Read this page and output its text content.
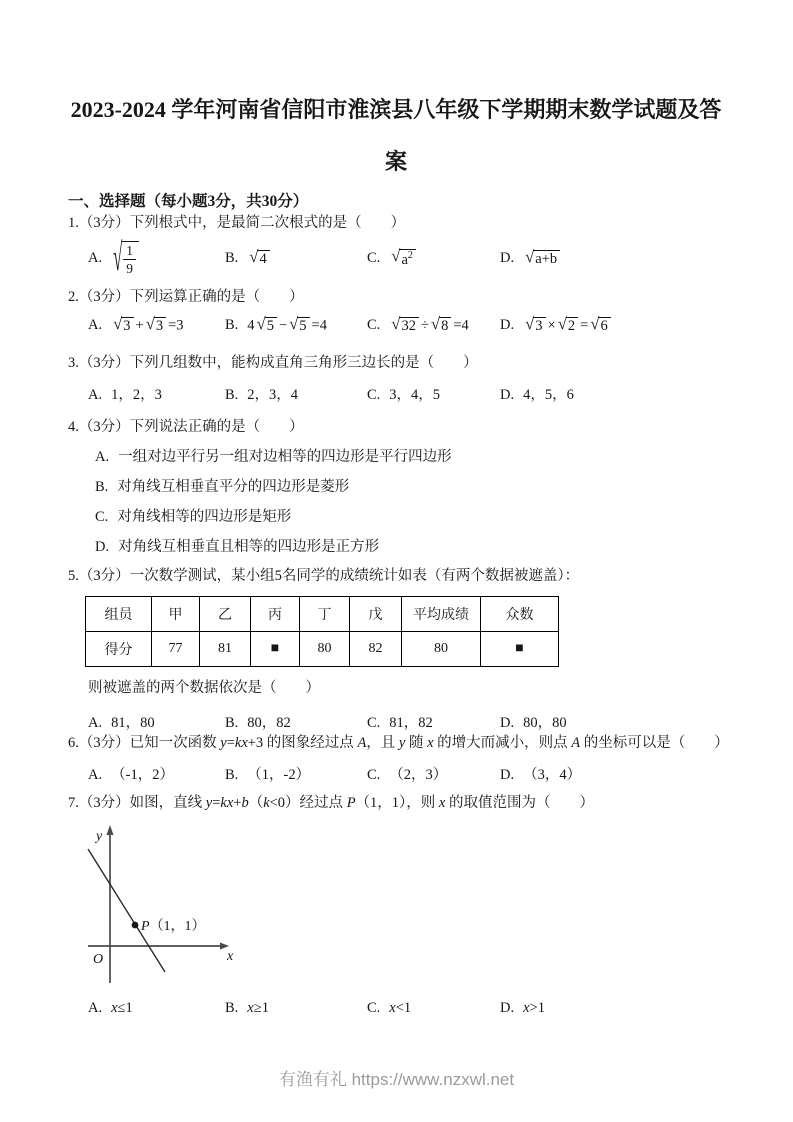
2023-2024 学年河南省信阳市淮滨县八年级下学期期末数学试题及答案
一、选择题（每小题3分，共30分）
1.（3分）下列根式中，是最简二次根式的是（　　）
A. √ $\frac{1}{9}$	B. √ 4	C. √ $a^2$	D. √ a+b
2.（3分）下列运算正确的是（　　）
A. √ 3 + √ 3 =3	B. 4 √ 5 − √ 5 =4	C. √ 32 ÷ √ 8 =4	D. √ 3 × √ 2 = √ 6
3.（3分）下列几组数中，能构成直角三角形三边长的是（　　）
A. 1，2，3	B. 2，3，4	C. 3，4，5	D. 4，5，6
4.（3分）下列说法正确的是（　　）
A. 一组对边平行另一组对边相等的四边形是平行四边形
B. 对角线互相垂直平分的四边形是菱形
C. 对角线相等的四边形是矩形
D. 对角线互相垂直且相等的四边形是正方形
5.（3分）一次数学测试，某小组5名同学的成绩统计如表（有两个数据被遮盖）：
组员	甲	乙	丙	丁	戊	平均成绩	众数
得分	77	81	■	80	82	80	■
则被遮盖的两个数据依次是（　　）
A. 81，80	B. 80，82	C. 81，82	D. 80，80
6.（3分）已知一次函数 y=kx+3 的图象经过点 A，且 y 随 x 的增大而减小，则点 A 的坐标可以是（　　）
A. （-1，2）	B. （1，-2）	C. （2，3）	D. （3，4）
7.（3分）如图，直线 y=kx+b（k<0）经过点 P（1，1），则 x 的取值范围为（　　）
y
x
O
P（1，1）
A. x≤1	B. x≥1	C. x<1	D. x>1
有渔有礼 https://www.nzxwl.net
